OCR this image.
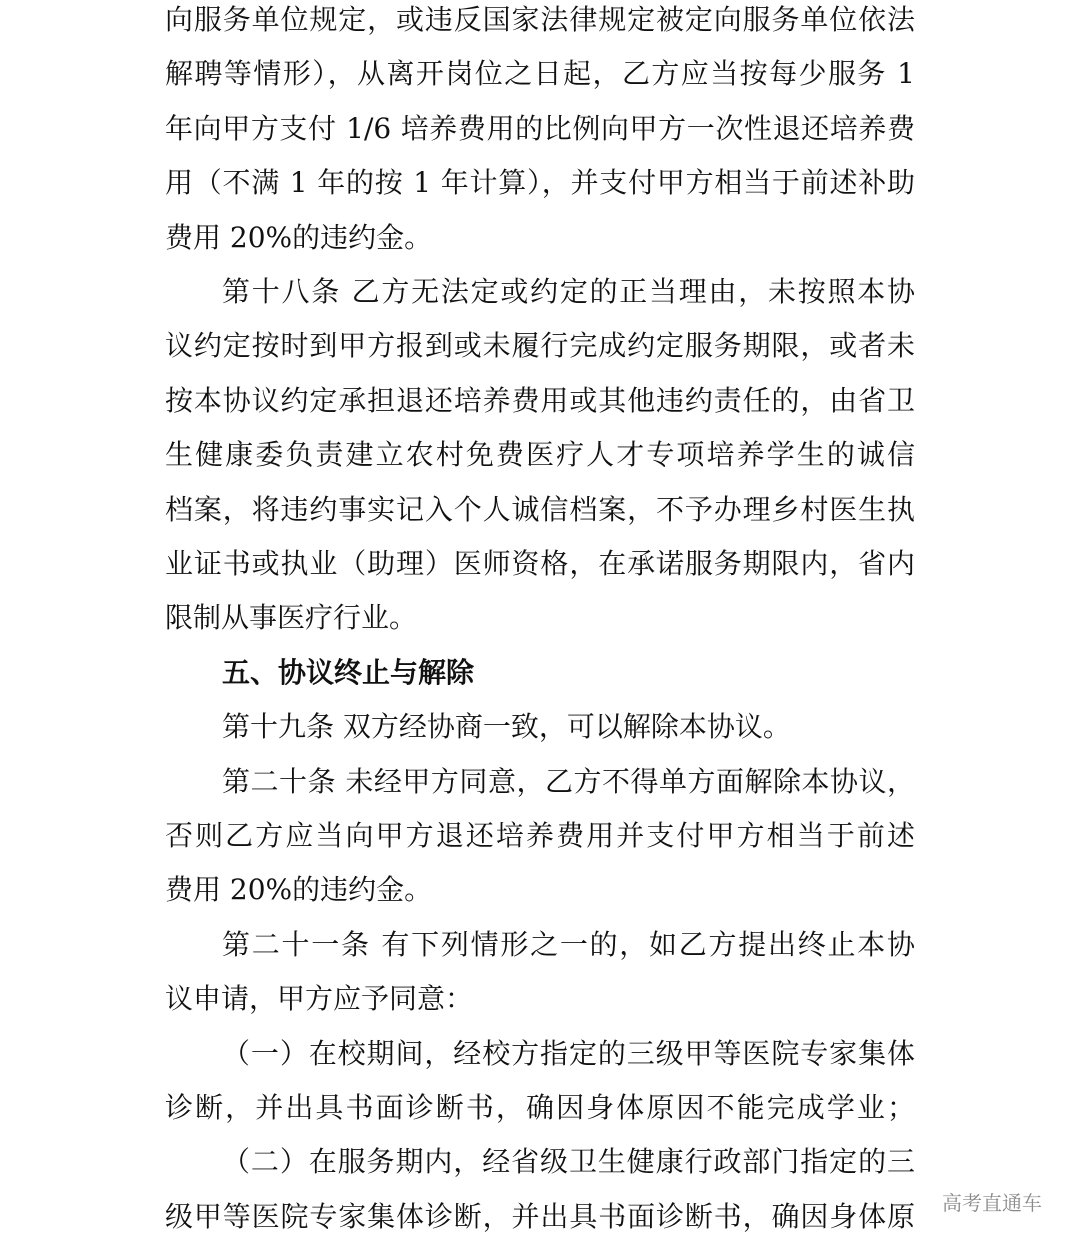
向服务单位规定，或违反国家法律规定被定向服务单位依法
解聘等情形），从离开岗位之日起，乙方应当按每少服务 1
年向甲方支付 1/6 培养费用的比例向甲方一次性退还培养费
用（不满 1 年的按 1 年计算），并支付甲方相当于前述补助
费用 20%的违约金。
第十八条 乙方无法定或约定的正当理由，未按照本协
议约定按时到甲方报到或未履行完成约定服务期限，或者未
按本协议约定承担退还培养费用或其他违约责任的，由省卫
生健康委负责建立农村免费医疗人才专项培养学生的诚信
档案，将违约事实记入个人诚信档案，不予办理乡村医生执
业证书或执业（助理）医师资格，在承诺服务期限内，省内
限制从事医疗行业。
五、协议终止与解除
第十九条 双方经协商一致，可以解除本协议。
第二十条 未经甲方同意，乙方不得单方面解除本协议，
否则乙方应当向甲方退还培养费用并支付甲方相当于前述
费用 20%的违约金。
第二十一条 有下列情形之一的，如乙方提出终止本协
议申请，甲方应予同意：
（一）在校期间，经校方指定的三级甲等医院专家集体
诊断，并出具书面诊断书，确因身体原因不能完成学业；
（二）在服务期内，经省级卫生健康行政部门指定的三
级甲等医院专家集体诊断，并出具书面诊断书，确因身体原 高考直通车
